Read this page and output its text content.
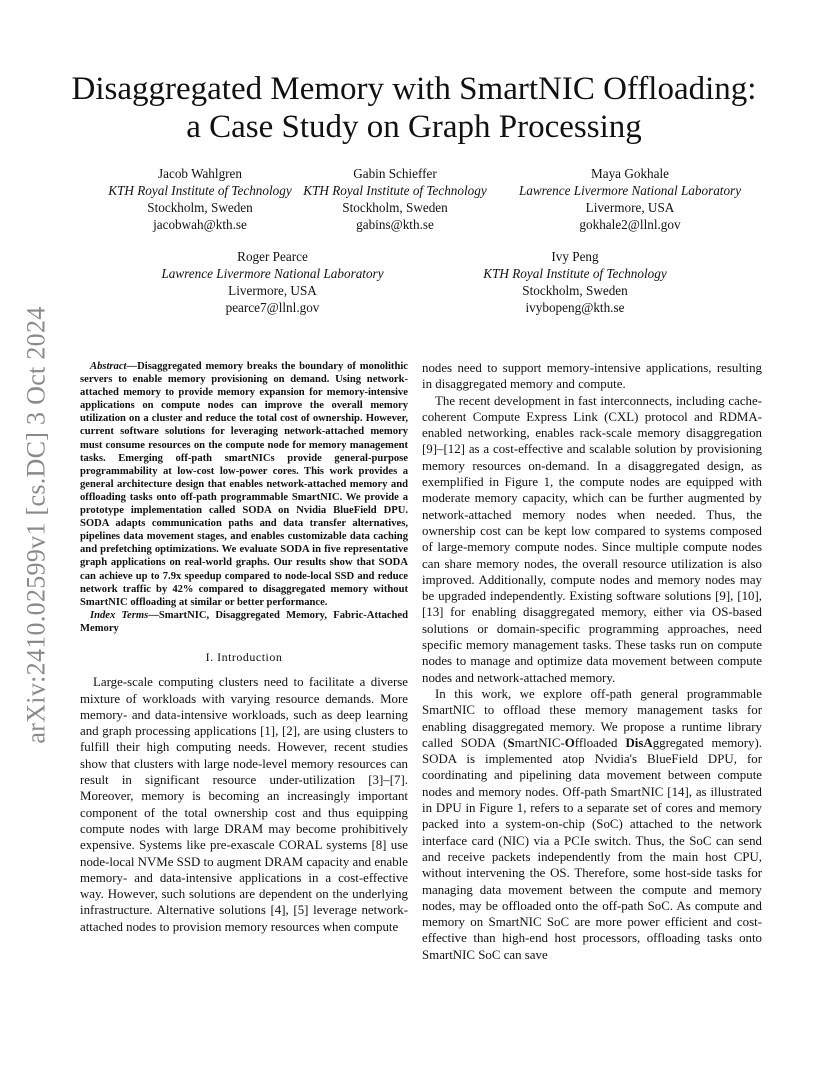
arXiv:2410.02599v1 [cs.DC] 3 Oct 2024
Disaggregated Memory with SmartNIC Offloading:
a Case Study on Graph Processing
Jacob Wahlgren
KTH Royal Institute of Technology
Stockholm, Sweden
jacobwah@kth.se
Gabin Schieffer
KTH Royal Institute of Technology
Stockholm, Sweden
gabins@kth.se
Maya Gokhale
Lawrence Livermore National Laboratory
Livermore, USA
gokhale2@llnl.gov
Roger Pearce
Lawrence Livermore National Laboratory
Livermore, USA
pearce7@llnl.gov
Ivy Peng
KTH Royal Institute of Technology
Stockholm, Sweden
ivybopeng@kth.se

Abstract—Disaggregated memory breaks the boundary of monolithic servers to enable memory provisioning on demand. Using network-attached memory to provide memory expansion for memory-intensive applications on compute nodes can improve the overall memory utilization on a cluster and reduce the total cost of ownership. However, current software solutions for leveraging network-attached memory must consume resources on the compute node for memory management tasks. Emerging off-path smartNICs provide general-purpose programmability at low-cost low-power cores. This work provides a general architecture design that enables network-attached memory and offloading tasks onto off-path programmable SmartNIC. We provide a prototype implementation called SODA on Nvidia BlueField DPU. SODA adapts communication paths and data transfer alternatives, pipelines data movement stages, and enables customizable data caching and prefetching optimizations. We evaluate SODA in five representative graph applications on real-world graphs. Our results show that SODA can achieve up to 7.9x speedup compared to node-local SSD and reduce network traffic by 42% compared to disaggregated memory without SmartNIC offloading at similar or better performance.

Index Terms—SmartNIC, Disaggregated Memory, Fabric-Attached Memory

I. Introduction

Large-scale computing clusters need to facilitate a diverse mixture of workloads with varying resource demands. More memory- and data-intensive workloads, such as deep learning and graph processing applications [1], [2], are using clusters to fulfill their high computing needs. However, recent studies show that clusters with large node-level memory resources can result in significant resource under-utilization [3]–[7]. Moreover, memory is becoming an increasingly important component of the total ownership cost and thus equipping compute nodes with large DRAM may become prohibitively expensive. Systems like pre-exascale CORAL systems [8] use node-local NVMe SSD to augment DRAM capacity and enable memory- and data-intensive applications in a cost-effective way. However, such solutions are dependent on the underlying infrastructure. Alternative solutions [4], [5] leverage network-attached nodes to provision memory resources when compute

nodes need to support memory-intensive applications, resulting in disaggregated memory and compute.

The recent development in fast interconnects, including cache-coherent Compute Express Link (CXL) protocol and RDMA-enabled networking, enables rack-scale memory disaggregation [9]–[12] as a cost-effective and scalable solution by provisioning memory resources on-demand. In a disaggregated design, as exemplified in Figure 1, the compute nodes are equipped with moderate memory capacity, which can be further augmented by network-attached memory nodes when needed. Thus, the ownership cost can be kept low compared to systems composed of large-memory compute nodes. Since multiple compute nodes can share memory nodes, the overall resource utilization is also improved. Additionally, compute nodes and memory nodes may be upgraded independently. Existing software solutions [9], [10], [13] for enabling disaggregated memory, either via OS-based solutions or domain-specific programming approaches, need specific memory management tasks. These tasks run on compute nodes to manage and optimize data movement between compute nodes and network-attached memory.

In this work, we explore off-path general programmable SmartNIC to offload these memory management tasks for enabling disaggregated memory. We propose a runtime library called SODA (SmartNIC-Offloaded DisAggregated memory). SODA is implemented atop Nvidia's BlueField DPU, for coordinating and pipelining data movement between compute nodes and memory nodes. Off-path SmartNIC [14], as illustrated in DPU in Figure 1, refers to a separate set of cores and memory packed into a system-on-chip (SoC) attached to the network interface card (NIC) via a PCIe switch. Thus, the SoC can send and receive packets independently from the main host CPU, without intervening the OS. Therefore, some host-side tasks for managing data movement between the compute and memory nodes, may be offloaded onto the off-path SoC. As compute and memory on SmartNIC SoC are more power efficient and cost-effective than high-end host processors, offloading tasks onto SmartNIC SoC can save
